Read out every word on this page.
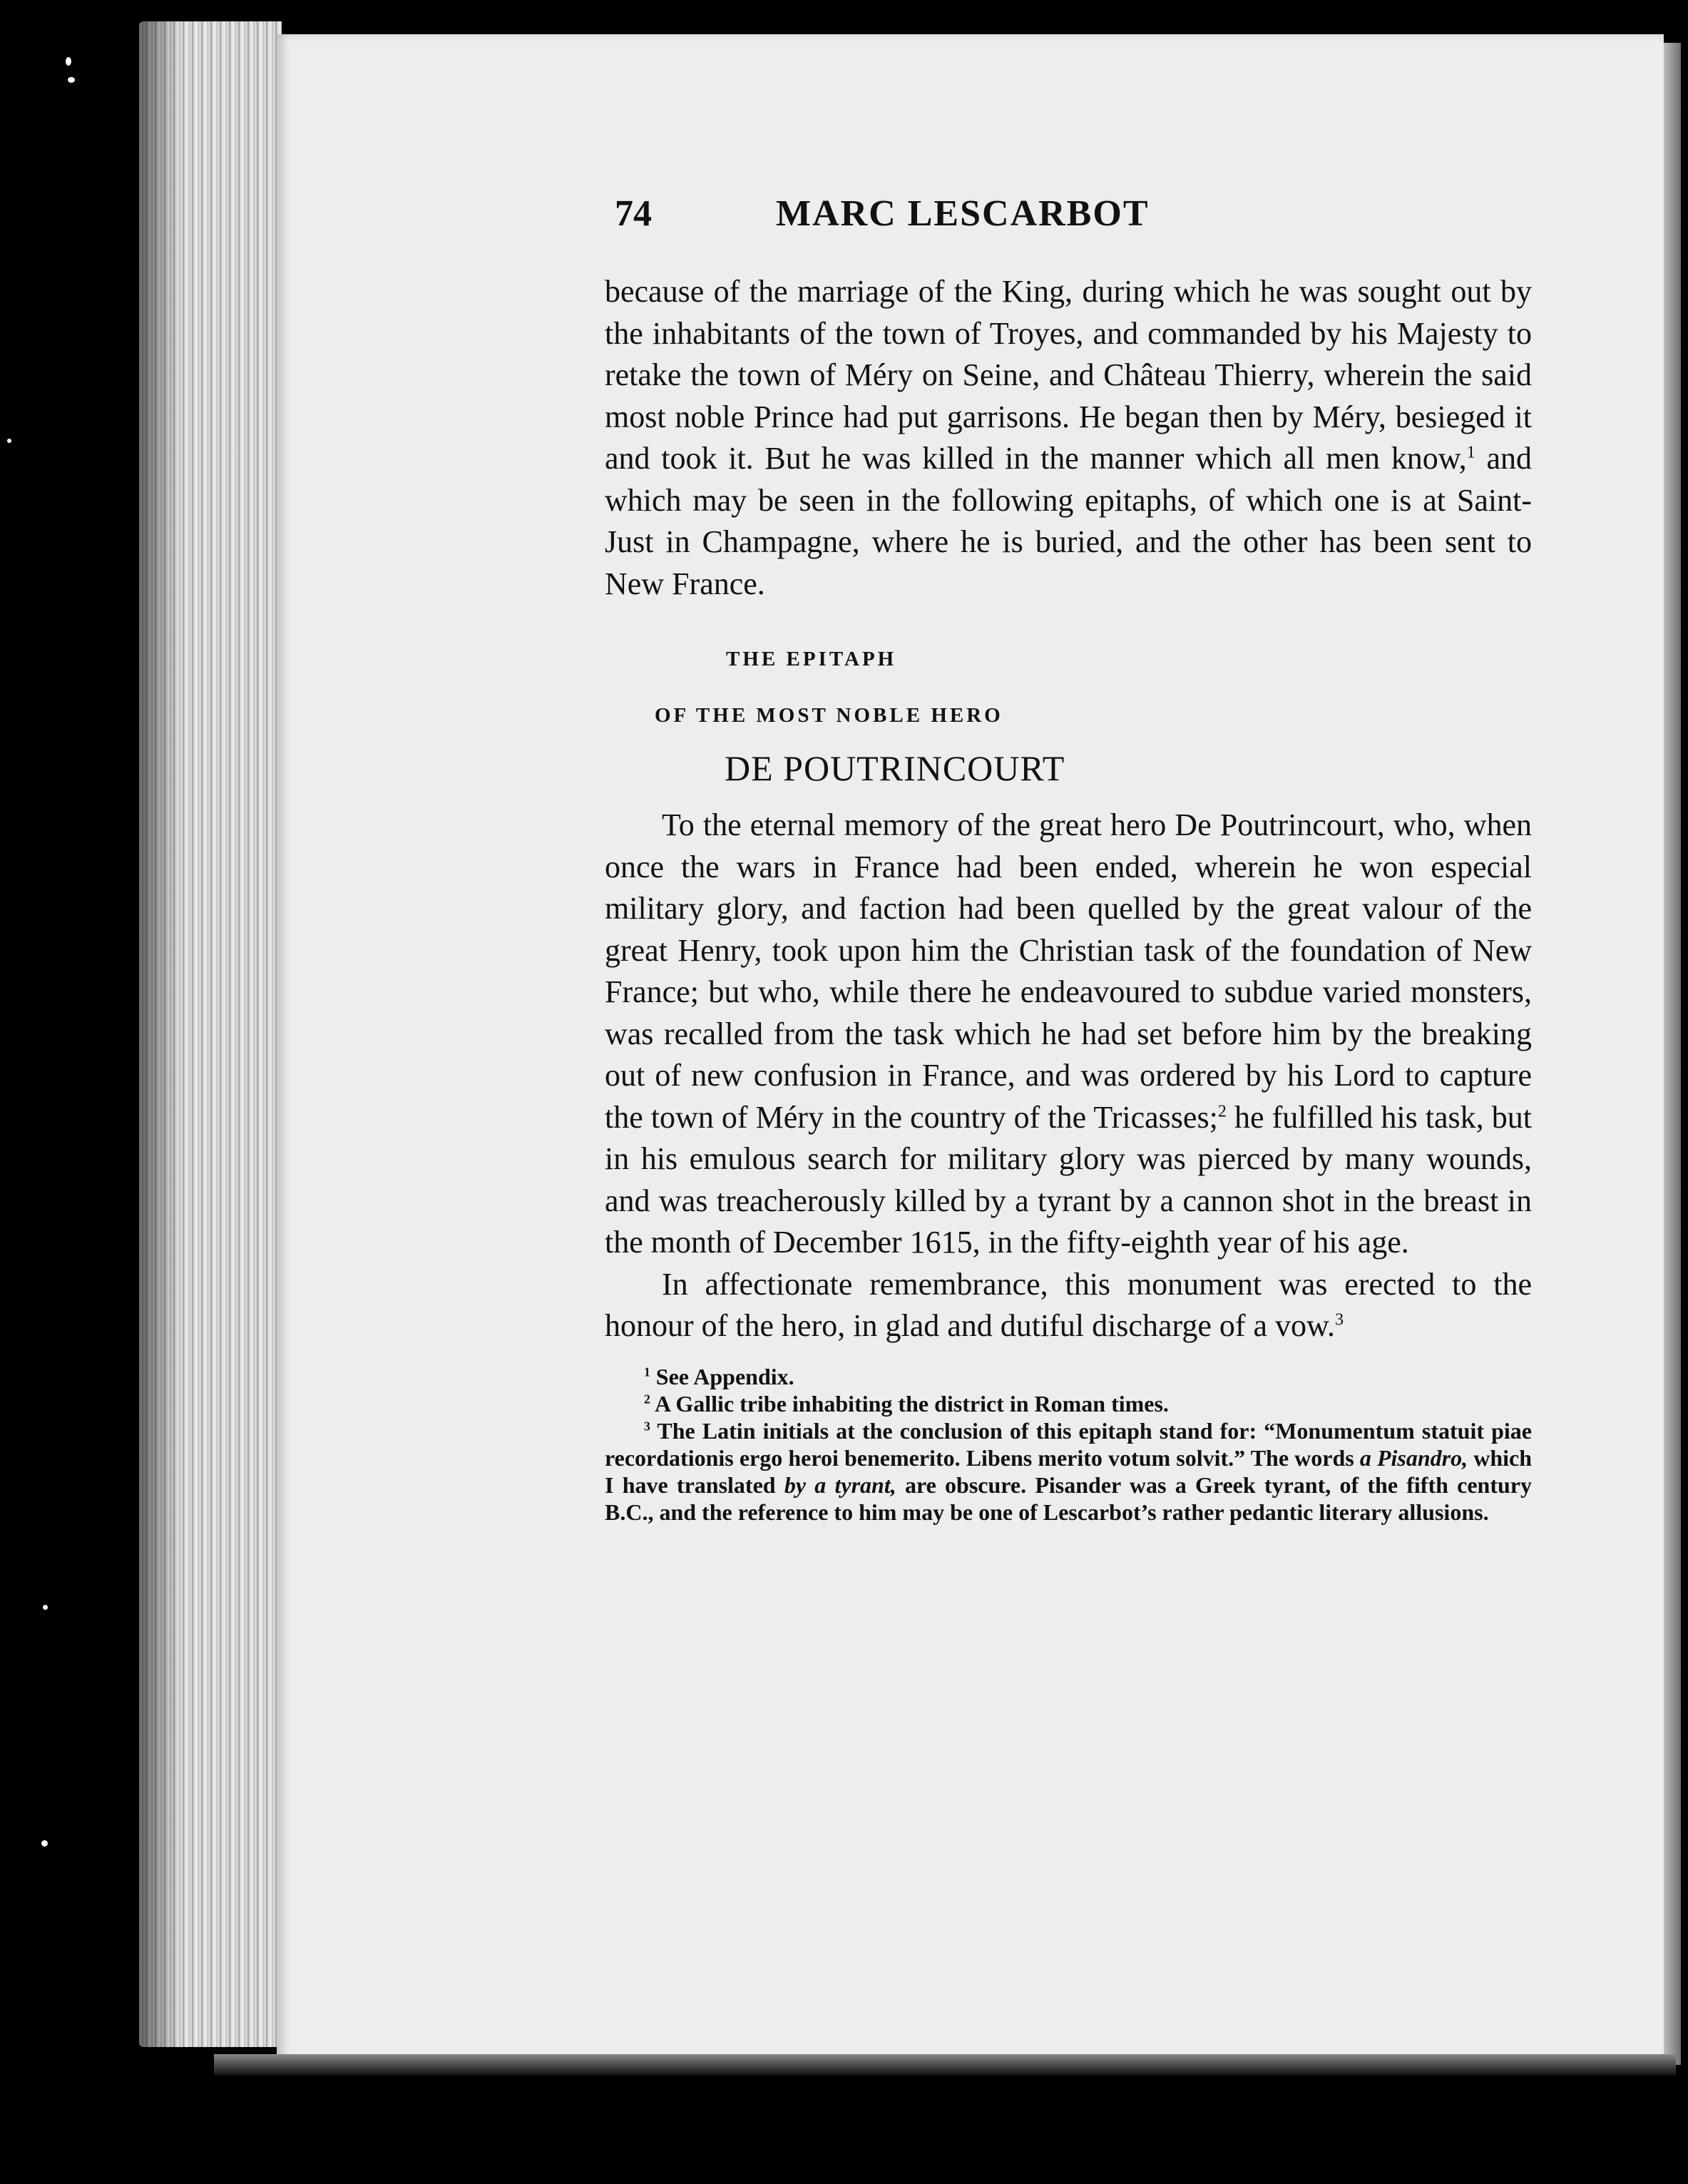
74	MARC LESCARBOT

because of the marriage of the King, during which he was sought out by the inhabitants of the town of Troyes, and commanded by his Majesty to retake the town of Méry on Seine, and Château Thierry, wherein the said most noble Prince had put garrisons. He began then by Méry, besieged it and took it. But he was killed in the manner which all men know,$^1$ and which may be seen in the following epitaphs, of which one is at Saint-Just in Champagne, where he is buried, and the other has been sent to New France.

THE EPITAPH

OF THE MOST NOBLE HERO

DE POUTRINCOURT

To the eternal memory of the great hero De Poutrincourt, who, when once the wars in France had been ended, wherein he won especial military glory, and faction had been quelled by the great valour of the great Henry, took upon him the Christian task of the foundation of New France; but who, while there he endeavoured to subdue varied monsters, was recalled from the task which he had set before him by the breaking out of new confusion in France, and was ordered by his Lord to capture the town of Méry in the country of the Tricasses;$^2$ he fulfilled his task, but in his emulous search for military glory was pierced by many wounds, and was treacherously killed by a tyrant by a cannon shot in the breast in the month of December 1615, in the fifty-eighth year of his age.

In affectionate remembrance, this monument was erected to the honour of the hero, in glad and dutiful discharge of a vow.$^3$

$^1$ See Appendix.

$^2$ A Gallic tribe inhabiting the district in Roman times.

$^3$ The Latin initials at the conclusion of this epitaph stand for: “Monumentum statuit piae recordationis ergo heroi benemerito. Libens merito votum solvit.” The words a Pisandro, which I have translated by a tyrant, are obscure. Pisander was a Greek tyrant, of the fifth century B.C., and the reference to him may be one of Lescarbot’s rather pedantic literary allusions.
